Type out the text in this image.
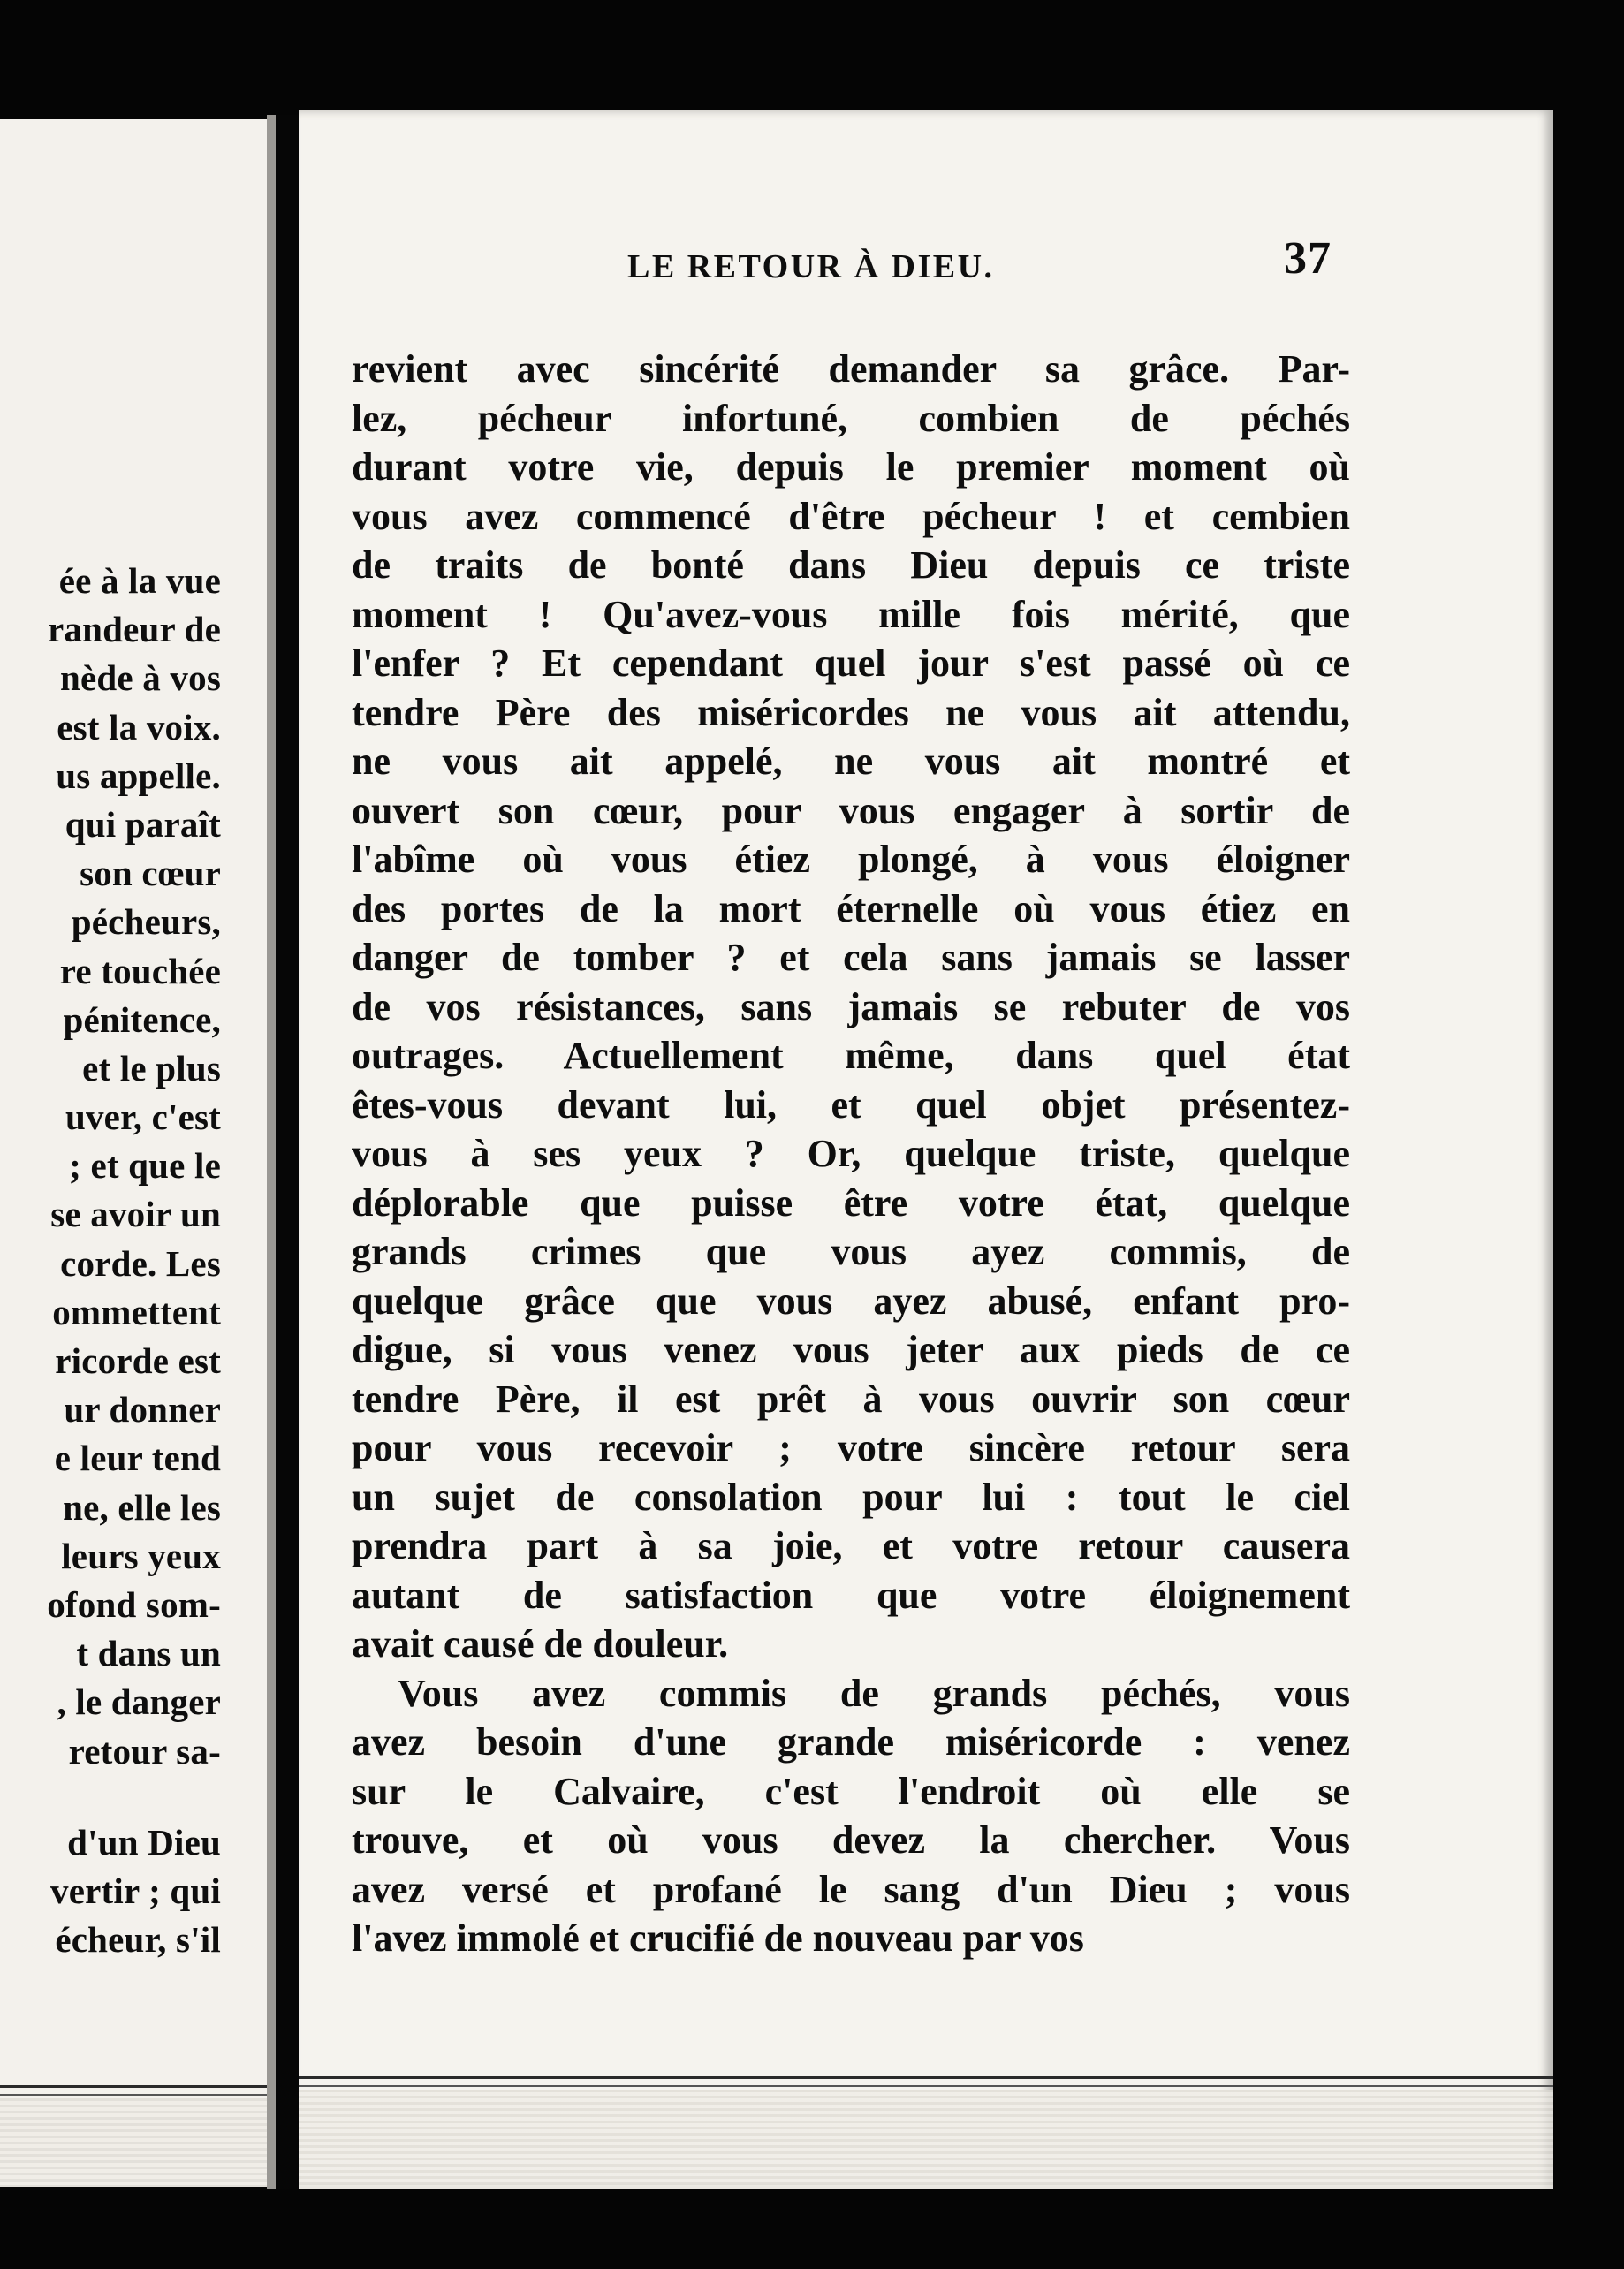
ée à la vue
randeur de
nède à vos
est la voix.
us appelle.
qui paraît
son cœur
pécheurs,
re touchée
pénitence,
et le plus
uver, c'est
; et que le
se avoir un
corde. Les
ommettent
ricorde est
ur donner
e leur tend
ne, elle les
leurs yeux
ofond som-
t dans un
, le danger
retour sa-
d'un Dieu
vertir ; qui
écheur, s'il
LE RETOUR À DIEU.	37
revient avec sincérité demander sa grâce. Par-
lez, pécheur infortuné, combien de péchés
durant votre vie, depuis le premier moment où
vous avez commencé d'être pécheur ! et cembien
de traits de bonté dans Dieu depuis ce triste
moment ! Qu'avez-vous mille fois mérité, que
l'enfer ? Et cependant quel jour s'est passé où ce
tendre Père des miséricordes ne vous ait attendu,
ne vous ait appelé, ne vous ait montré et
ouvert son cœur, pour vous engager à sortir de
l'abîme où vous étiez plongé, à vous éloigner
des portes de la mort éternelle où vous étiez en
danger de tomber ? et cela sans jamais se lasser
de vos résistances, sans jamais se rebuter de vos
outrages. Actuellement même, dans quel état
êtes-vous devant lui, et quel objet présentez-
vous à ses yeux ? Or, quelque triste, quelque
déplorable que puisse être votre état, quelque
grands crimes que vous ayez commis, de
quelque grâce que vous ayez abusé, enfant pro-
digue, si vous venez vous jeter aux pieds de ce
tendre Père, il est prêt à vous ouvrir son cœur
pour vous recevoir ; votre sincère retour sera
un sujet de consolation pour lui : tout le ciel
prendra part à sa joie, et votre retour causera
autant de satisfaction que votre éloignement
avait causé de douleur.
Vous avez commis de grands péchés, vous
avez besoin d'une grande miséricorde : venez
sur le Calvaire, c'est l'endroit où elle se
trouve, et où vous devez la chercher. Vous
avez versé et profané le sang d'un Dieu ; vous
l'avez immolé et crucifié de nouveau par vos
